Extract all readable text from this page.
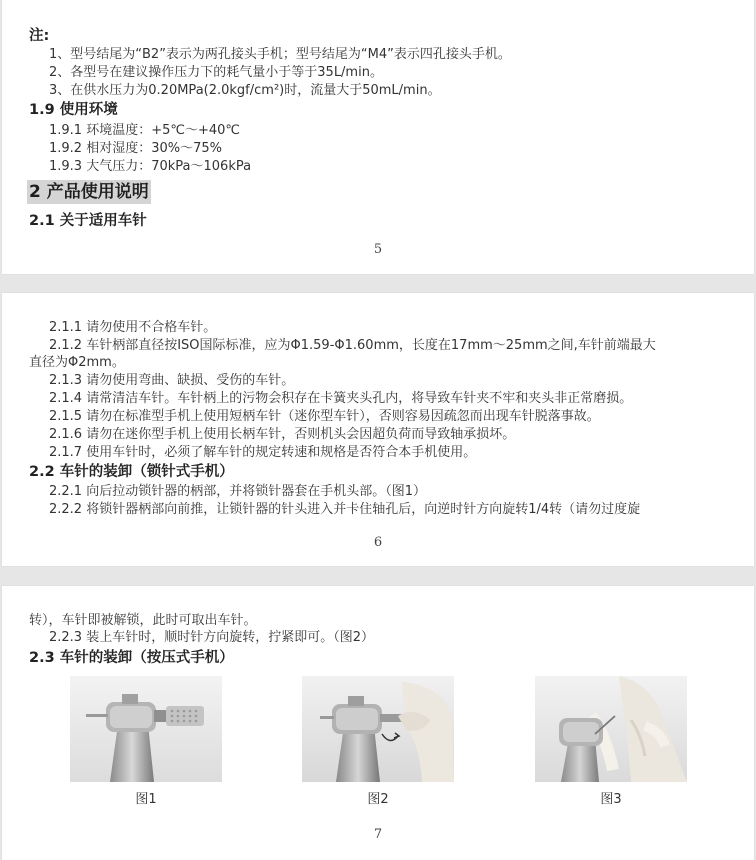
注:
1、型号结尾为“B2”表示为两孔接头手机；型号结尾为“M4”表示四孔接头手机。
2、各型号在建议操作压力下的耗气量小于等于35L/min。
3、在供水压力为0.20MPa(2.0kgf/cm²)时，流量大于50mL/min。
1.9 使用环境
1.9.1 环境温度：+5℃～+40℃
1.9.2 相对湿度：30%～75%
1.9.3 大气压力：70kPa～106kPa
2 产品使用说明
2.1 关于适用车针
5
2.1.1 请勿使用不合格车针。
2.1.2 车针柄部直径按ISO国际标准，应为Φ1.59-Φ1.60mm，长度在17mm～25mm之间,车针前端最大
直径为Φ2mm。
2.1.3 请勿使用弯曲、缺损、受伤的车针。
2.1.4 请常清洁车针。车针柄上的污物会积存在卡簧夹头孔内，将导致车针夹不牢和夹头非正常磨损。
2.1.5 请勿在标准型手机上使用短柄车针（迷你型车针），否则容易因疏忽而出现车针脱落事故。
2.1.6 请勿在迷你型手机上使用长柄车针，否则机头会因超负荷而导致轴承损坏。
2.1.7 使用车针时，必须了解车针的规定转速和规格是否符合本手机使用。
2.2 车针的装卸（锁针式手机）
2.2.1 向后拉动锁针器的柄部，并将锁针器套在手机头部。（图1）
2.2.2 将锁针器柄部向前推，让锁针器的针头进入并卡住轴孔后，向逆时针方向旋转1/4转（请勿过度旋
6
转），车针即被解锁，此时可取出车针。
2.2.3 装上车针时，顺时针方向旋转，拧紧即可。（图2）
2.3 车针的装卸（按压式手机）
图1	图2	图3
7
